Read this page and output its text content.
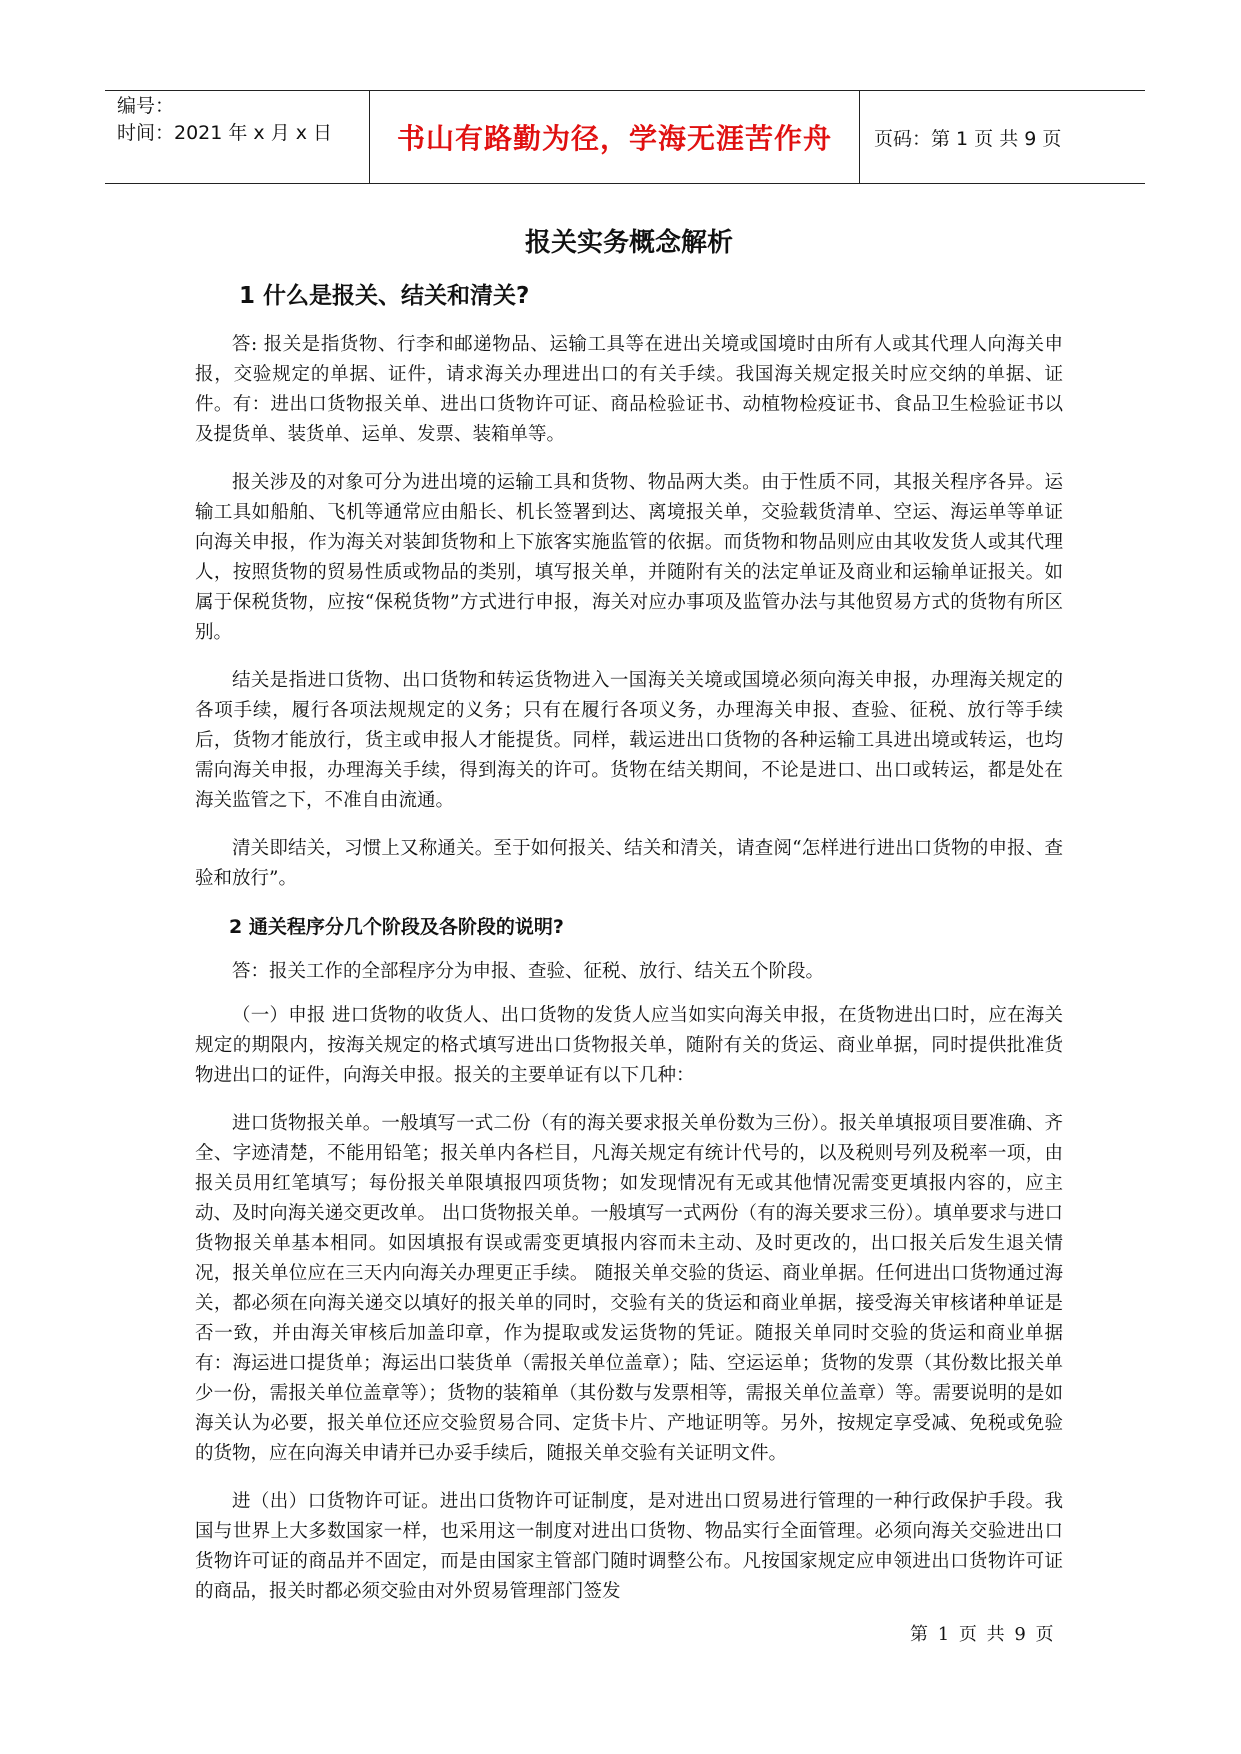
编号：
时间：2021 年 x 月 x 日	书山有路勤为径，学海无涯苦作舟 页码：第 1 页 共 9 页
报关实务概念解析
1 什么是报关、结关和清关?

答: 报关是指货物、行李和邮递物品、运输工具等在进出关境或国境时由所有人或其代理人向海关申报，交验规定的单据、证件，请求海关办理进出口的有关手续。我国海关规定报关时应交纳的单据、证件。有：进出口货物报关单、进出口货物许可证、商品检验证书、动植物检疫证书、食品卫生检验证书以及提货单、装货单、运单、发票、装箱单等。

报关涉及的对象可分为进出境的运输工具和货物、物品两大类。由于性质不同，其报关程序各异。运输工具如船舶、飞机等通常应由船长、机长签署到达、离境报关单，交验载货清单、空运、海运单等单证向海关申报，作为海关对装卸货物和上下旅客实施监管的依据。而货物和物品则应由其收发货人或其代理人，按照货物的贸易性质或物品的类别，填写报关单，并随附有关的法定单证及商业和运输单证报关。如属于保税货物，应按“保税货物”方式进行申报，海关对应办事项及监管办法与其他贸易方式的货物有所区别。

结关是指进口货物、出口货物和转运货物进入一国海关关境或国境必须向海关申报，办理海关规定的各项手续，履行各项法规规定的义务；只有在履行各项义务，办理海关申报、查验、征税、放行等手续后，货物才能放行，货主或申报人才能提货。同样，载运进出口货物的各种运输工具进出境或转运，也均需向海关申报，办理海关手续，得到海关的许可。货物在结关期间，不论是进口、出口或转运，都是处在海关监管之下，不准自由流通。

清关即结关，习惯上又称通关。至于如何报关、结关和清关，请查阅“怎样进行进出口货物的申报、查验和放行”。

2 通关程序分几个阶段及各阶段的说明?

答：报关工作的全部程序分为申报、查验、征税、放行、结关五个阶段。

（一）申报 进口货物的收货人、出口货物的发货人应当如实向海关申报，在货物进出口时，应在海关规定的期限内，按海关规定的格式填写进出口货物报关单，随附有关的货运、商业单据，同时提供批准货物进出口的证件，向海关申报。报关的主要单证有以下几种：

进口货物报关单。一般填写一式二份（有的海关要求报关单份数为三份）。报关单填报项目要准确、齐全、字迹清楚，不能用铅笔；报关单内各栏目，凡海关规定有统计代号的，以及税则号列及税率一项，由报关员用红笔填写；每份报关单限填报四项货物；如发现情况有无或其他情况需变更填报内容的，应主动、及时向海关递交更改单。 出口货物报关单。一般填写一式两份（有的海关要求三份）。填单要求与进口货物报关单基本相同。如因填报有误或需变更填报内容而未主动、及时更改的，出口报关后发生退关情况，报关单位应在三天内向海关办理更正手续。 随报关单交验的货运、商业单据。任何进出口货物通过海关，都必须在向海关递交以填好的报关单的同时，交验有关的货运和商业单据，接受海关审核诸种单证是否一致，并由海关审核后加盖印章，作为提取或发运货物的凭证。随报关单同时交验的货运和商业单据有：海运进口提货单；海运出口装货单（需报关单位盖章）；陆、空运运单；货物的发票（其份数比报关单少一份，需报关单位盖章等）；货物的装箱单（其份数与发票相等，需报关单位盖章）等。需要说明的是如海关认为必要，报关单位还应交验贸易合同、定货卡片、产地证明等。另外，按规定享受减、免税或免验的货物，应在向海关申请并已办妥手续后，随报关单交验有关证明文件。

进（出）口货物许可证。进出口货物许可证制度，是对进出口贸易进行管理的一种行政保护手段。我国与世界上大多数国家一样，也采用这一制度对进出口货物、物品实行全面管理。必须向海关交验进出口货物许可证的商品并不固定，而是由国家主管部门随时调整公布。凡按国家规定应申领进出口货物许可证的商品，报关时都必须交验由对外贸易管理部门签发

第 1 页 共 9 页
